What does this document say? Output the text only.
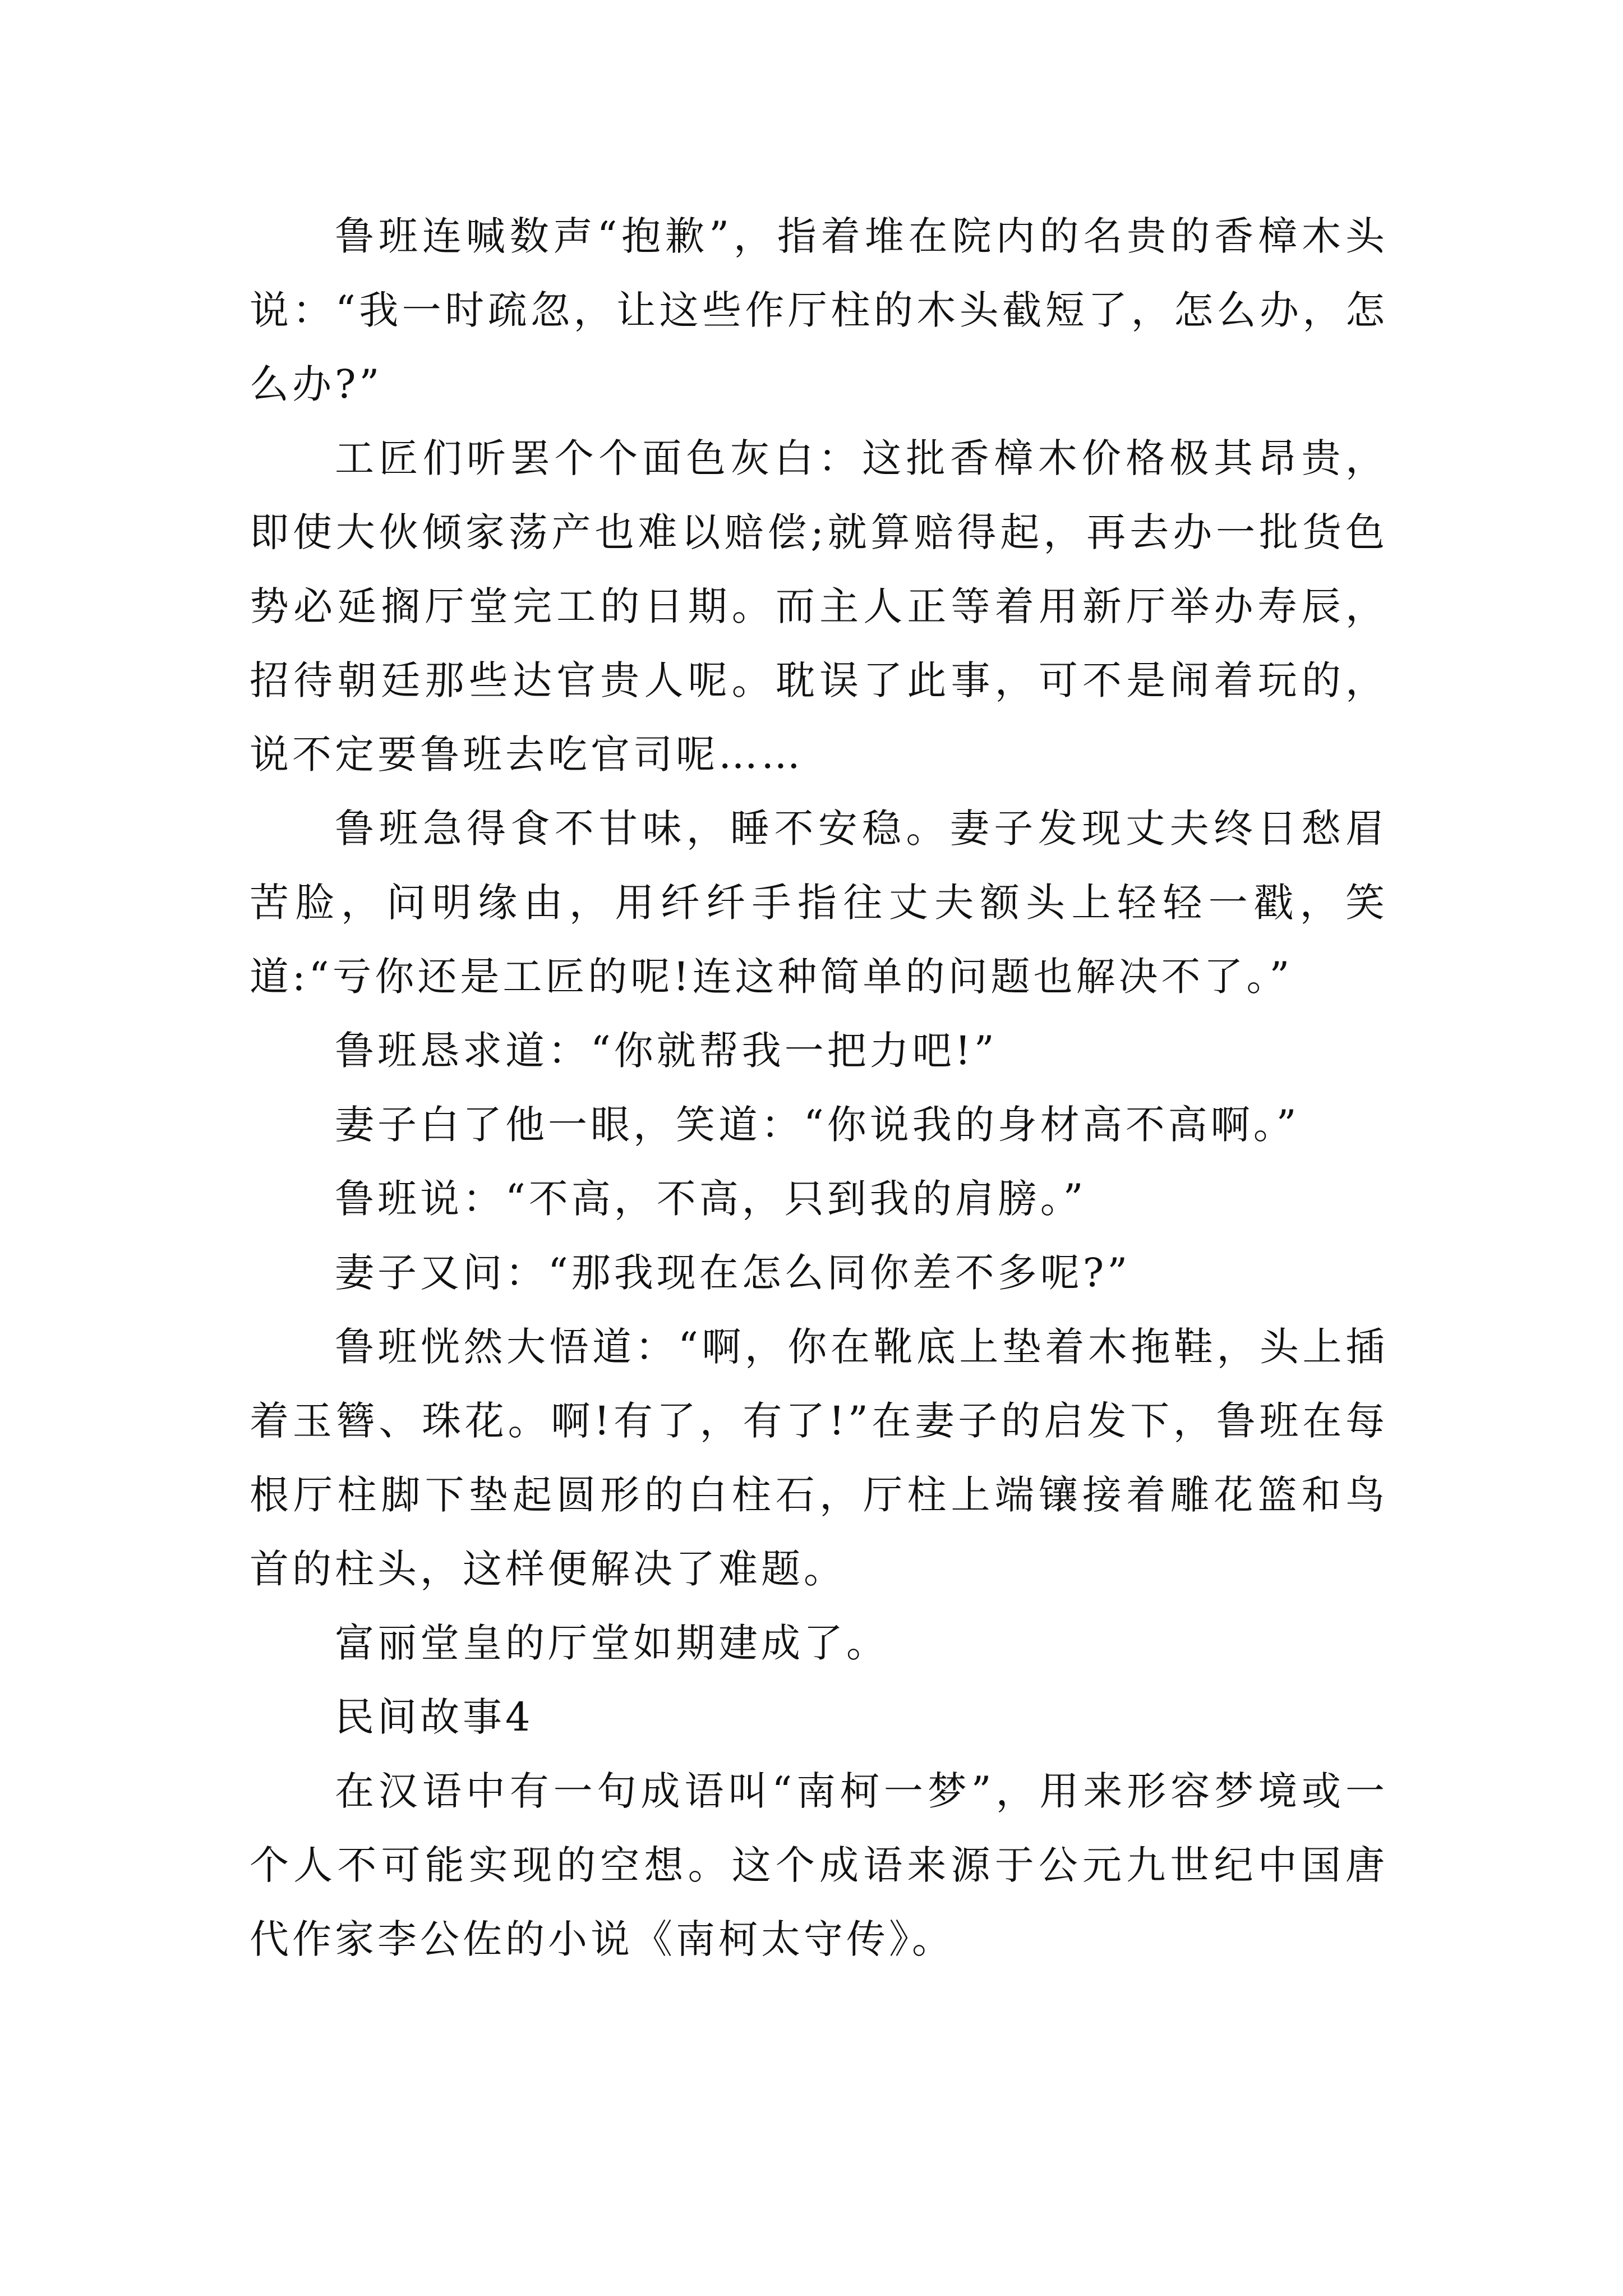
鲁班连喊数声“抱歉”，指着堆在院内的名贵的香樟木头说：“我一时疏忽，让这些作厅柱的木头截短了，怎么办，怎么办?”

工匠们听罢个个面色灰白：这批香樟木价格极其昂贵，即使大伙倾家荡产也难以赔偿;就算赔得起，再去办一批货色势必延搁厅堂完工的日期。而主人正等着用新厅举办寿辰，招待朝廷那些达官贵人呢。耽误了此事，可不是闹着玩的，说不定要鲁班去吃官司呢……

鲁班急得食不甘味，睡不安稳。妻子发现丈夫终日愁眉苦脸，问明缘由，用纤纤手指往丈夫额头上轻轻一戳，笑道:“亏你还是工匠的呢!连这种简单的问题也解决不了。”

鲁班恳求道：“你就帮我一把力吧!”

妻子白了他一眼，笑道：“你说我的身材高不高啊。”

鲁班说：“不高，不高，只到我的肩膀。”

妻子又问：“那我现在怎么同你差不多呢?”

鲁班恍然大悟道：“啊，你在靴底上垫着木拖鞋，头上插着玉簪、珠花。啊!有了，有了!”在妻子的启发下，鲁班在每根厅柱脚下垫起圆形的白柱石，厅柱上端镶接着雕花篮和鸟首的柱头，这样便解决了难题。

富丽堂皇的厅堂如期建成了。

民间故事4

在汉语中有一句成语叫“南柯一梦”，用来形容梦境或一个人不可能实现的空想。这个成语来源于公元九世纪中国唐代作家李公佐的小说《南柯太守传》。
